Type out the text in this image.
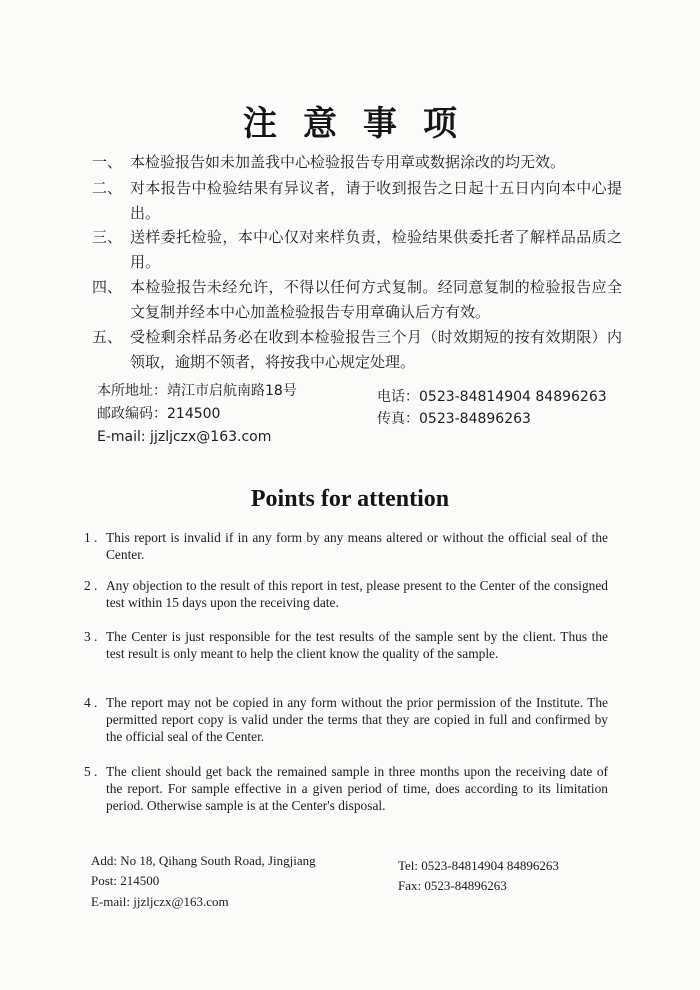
注意事项
一、 本检验报告如未加盖我中心检验报告专用章或数据涂改的均无效。
二、 对本报告中检验结果有异议者，请于收到报告之日起十五日内向本中心提出。
三、 送样委托检验，本中心仅对来样负责，检验结果供委托者了解样品品质之用。
四、 本检验报告未经允许，不得以任何方式复制。经同意复制的检验报告应全文复制并经本中心加盖检验报告专用章确认后方有效。
五、 受检剩余样品务必在收到本检验报告三个月（时效期短的按有效期限）内领取，逾期不领者，将按我中心规定处理。
本所地址：靖江市启航南路18号
邮政编码：214500
E-mail: jjzljczx@163.com
电话：0523-84814904 84896263
传真：0523-84896263
Points for attention
1 . This report is invalid if in any form by any means altered or without the official seal of the Center.
2 . Any objection to the result of this report in test, please present to the Center of the consigned test within 15 days upon the receiving date.
3 . The Center is just responsible for the test results of the sample sent by the client. Thus the test result is only meant to help the client know the quality of the sample.
4 . The report may not be copied in any form without the prior permission of the Institute. The permitted report copy is valid under the terms that they are copied in full and confirmed by the official seal of the Center.
5 . The client should get back the remained sample in three months upon the receiving date of the report. For sample effective in a given period of time, does according to its limitation period. Otherwise sample is at the Center's disposal.
Add: No 18, Qihang South Road, Jingjiang
Post: 214500
E-mail: jjzljczx@163.com
Tel: 0523-84814904 84896263
Fax: 0523-84896263
